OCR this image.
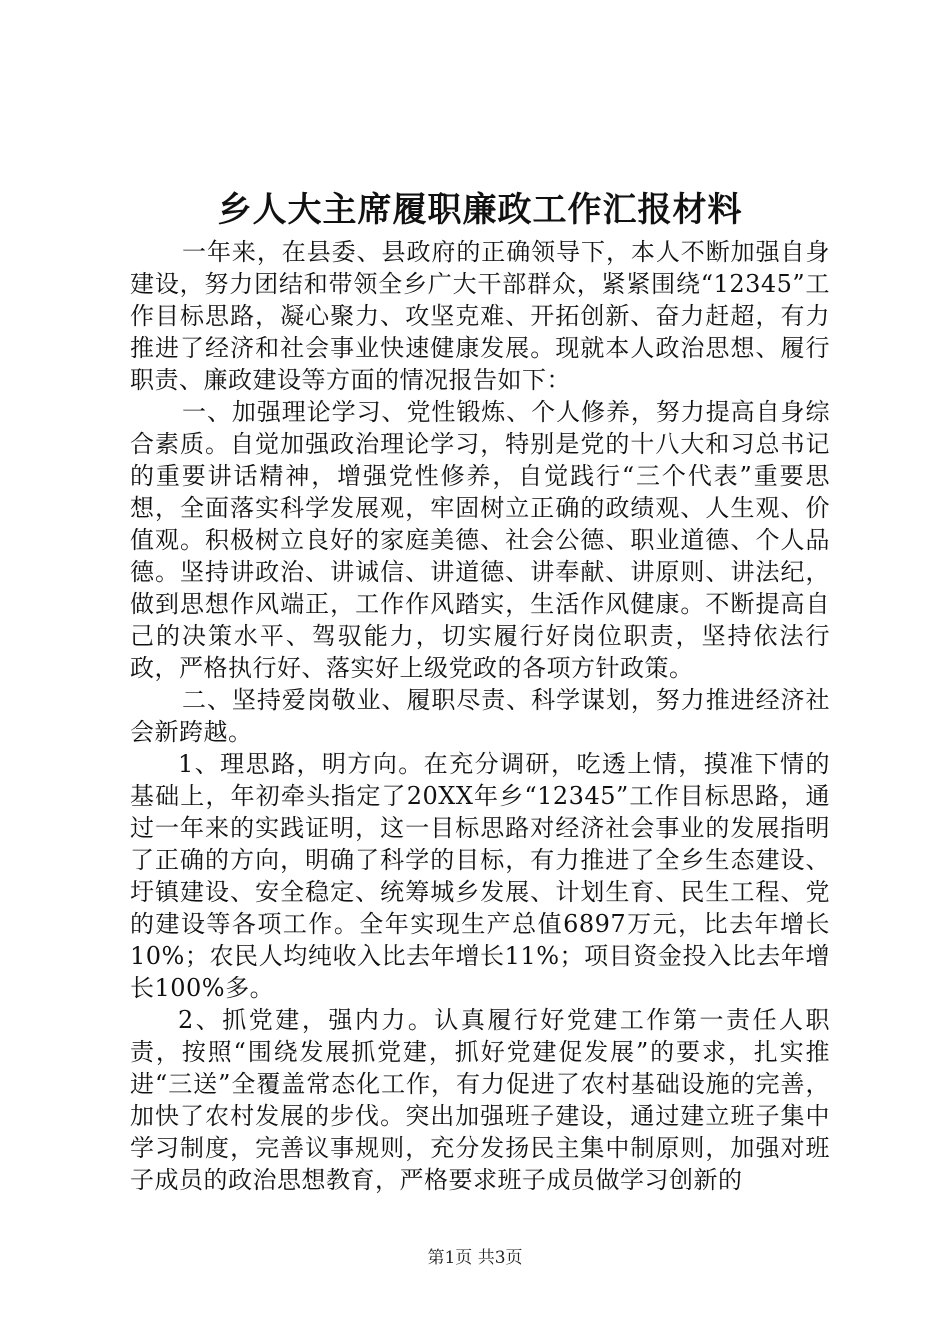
乡人大主席履职廉政工作汇报材料

一年来，在县委、县政府的正确领导下，本人不断加强自身建设，努力团结和带领全乡广大干部群众，紧紧围绕“12345”工作目标思路，凝心聚力、攻坚克难、开拓创新、奋力赶超，有力推进了经济和社会事业快速健康发展。现就本人政治思想、履行职责、廉政建设等方面的情况报告如下：

一、加强理论学习、党性锻炼、个人修养，努力提高自身综合素质。自觉加强政治理论学习，特别是党的十八大和习总书记的重要讲话精神，增强党性修养，自觉践行“三个代表”重要思想，全面落实科学发展观，牢固树立正确的政绩观、人生观、价值观。积极树立良好的家庭美德、社会公德、职业道德、个人品德。坚持讲政治、讲诚信、讲道德、讲奉献、讲原则、讲法纪，做到思想作风端正，工作作风踏实，生活作风健康。不断提高自己的决策水平、驾驭能力，切实履行好岗位职责，坚持依法行政，严格执行好、落实好上级党政的各项方针政策。

二、坚持爱岗敬业、履职尽责、科学谋划，努力推进经济社会新跨越。

1、理思路，明方向。在充分调研，吃透上情，摸准下情的基础上，年初牵头指定了20XX年乡“12345”工作目标思路，通过一年来的实践证明，这一目标思路对经济社会事业的发展指明了正确的方向，明确了科学的目标，有力推进了全乡生态建设、圩镇建设、安全稳定、统筹城乡发展、计划生育、民生工程、党的建设等各项工作。全年实现生产总值6897万元，比去年增长10%；农民人均纯收入比去年增长11%；项目资金投入比去年增长100%多。

2、抓党建，强内力。认真履行好党建工作第一责任人职责，按照“围绕发展抓党建，抓好党建促发展”的要求，扎实推进“三送”全覆盖常态化工作，有力促进了农村基础设施的完善，加快了农村发展的步伐。突出加强班子建设，通过建立班子集中学习制度，完善议事规则，充分发扬民主集中制原则，加强对班子成员的政治思想教育，严格要求班子成员做学习创新的

第1页 共3页
